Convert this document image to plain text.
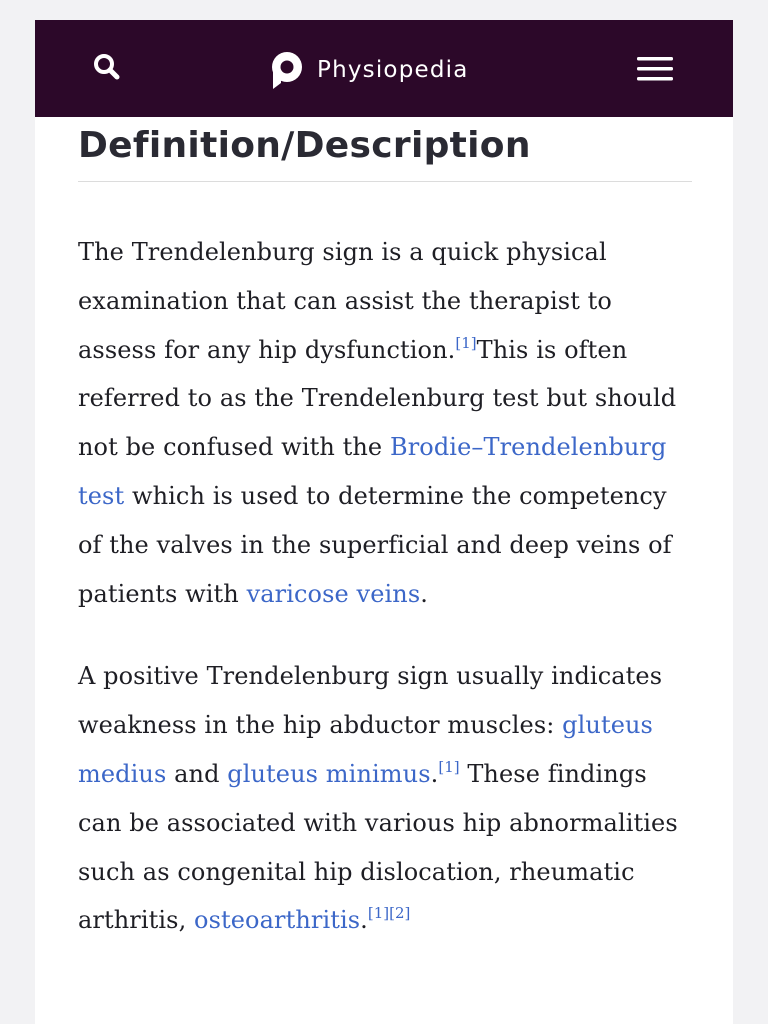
Physiopedia
Definition/Description

The Trendelenburg sign is a quick physical examination that can assist the therapist to assess for any hip dysfunction.[1]This is often referred to as the Trendelenburg test but should not be confused with the Brodie–Trendelenburg test which is used to determine the competency of the valves in the superficial and deep veins of patients with varicose veins.

A positive Trendelenburg sign usually indicates weakness in the hip abductor muscles: gluteus medius and gluteus minimus.[1] These findings can be associated with various hip abnormalities such as congenital hip dislocation, rheumatic arthritis, osteoarthritis.[1][2]
